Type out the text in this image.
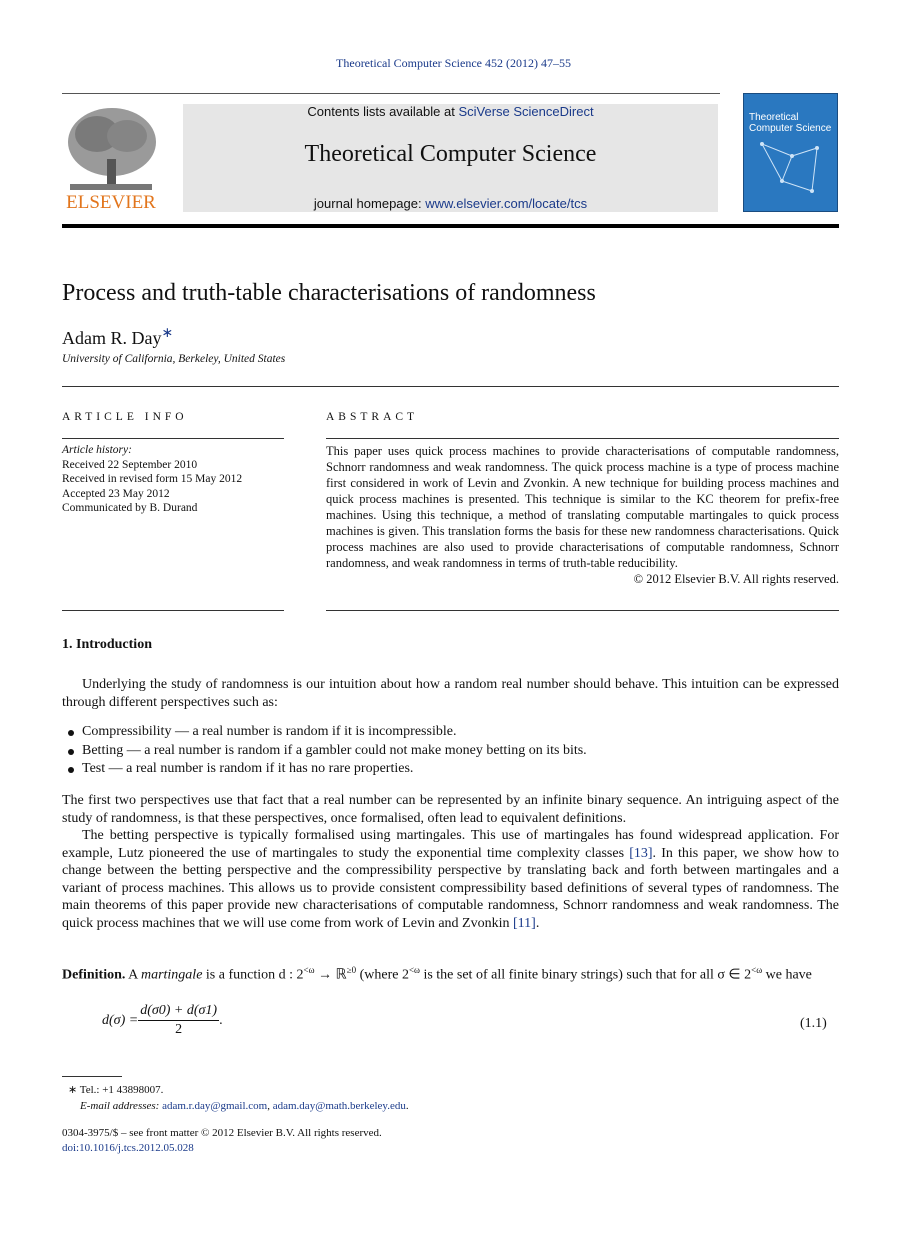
Theoretical Computer Science 452 (2012) 47–55
ELSEVIER
Contents lists available at SciVerse ScienceDirect
Theoretical Computer Science
journal homepage: www.elsevier.com/locate/tcs
Theoretical
Computer Science
Process and truth-table characterisations of randomness
Adam R. Day∗
University of California, Berkeley, United States
ARTICLE INFO
Article history:
Received 22 September 2010
Received in revised form 15 May 2012
Accepted 23 May 2012
Communicated by B. Durand
ABSTRACT
This paper uses quick process machines to provide characterisations of computable randomness, Schnorr randomness and weak randomness. The quick process machine is a type of process machine first considered in work of Levin and Zvonkin. A new technique for building process machines and quick process machines is presented. This technique is similar to the KC theorem for prefix-free machines. Using this technique, a method of translating computable martingales to quick process machines is given. This translation forms the basis for these new randomness characterisations. Quick process machines are also used to provide characterisations of computable randomness, Schnorr randomness, and weak randomness in terms of truth-table reducibility.
© 2012 Elsevier B.V. All rights reserved.
1. Introduction
Underlying the study of randomness is our intuition about how a random real number should behave. This intuition can be expressed through different perspectives such as:
Compressibility — a real number is random if it is incompressible.
Betting — a real number is random if a gambler could not make money betting on its bits.
Test — a real number is random if it has no rare properties.
The first two perspectives use that fact that a real number can be represented by an infinite binary sequence. An intriguing aspect of the study of randomness, is that these perspectives, once formalised, often lead to equivalent definitions.
The betting perspective is typically formalised using martingales. This use of martingales has found widespread application. For example, Lutz pioneered the use of martingales to study the exponential time complexity classes [13]. In this paper, we show how to change between the betting perspective and the compressibility perspective by translating back and forth between martingales and a variant of process machines. This allows us to provide consistent compressibility based definitions of several types of randomness. The main theorems of this paper provide new characterisations of computable randomness, Schnorr randomness and weak randomness. The quick process machines that we will use come from work of Levin and Zvonkin [11].
Definition. A martingale is a function d : $2^{<\omega}$ → ℝ$^{\ge 0}$ (where $2^{<\omega}$ is the set of all finite binary strings) such that for all σ ∈ $2^{<\omega}$ we have
d(σ) =	d(σ0) + d(σ1)	.
2	(1.1)
∗ Tel.: +1 43898007.
E-mail addresses: adam.r.day@gmail.com, adam.day@math.berkeley.edu.
0304-3975/$ – see front matter © 2012 Elsevier B.V. All rights reserved.
doi:10.1016/j.tcs.2012.05.028
